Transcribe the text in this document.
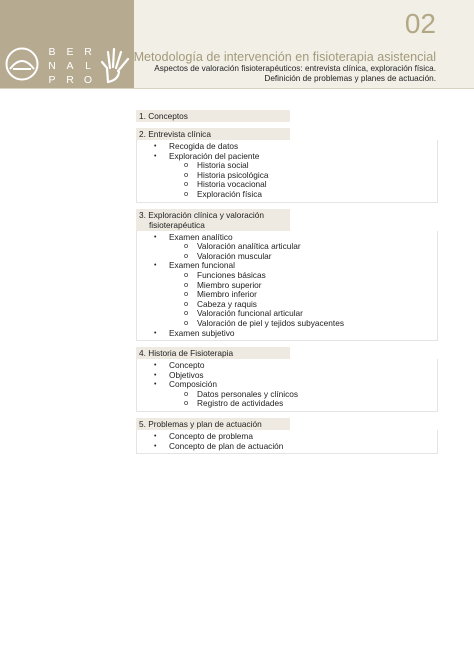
B	E	R
N	A	L
P	R O
02
Metodología de intervención en fisioterapia asistencial
Aspectos de valoración fisioterapéuticos: entrevista clínica, exploración física.
Definición de problemas y planes de actuación.
1. Conceptos
2. Entrevista clínica
•	Recogida de datos
•	Exploración del paciente
o Historia social
o Historia psicológica
o Historia vocacional
o Exploración física
3. Exploración clínica y valoración
fisioterapéutica
•	Examen analítico
o Valoración analítica articular
o Valoración muscular
•	Examen funcional
o Funciones básicas
o Miembro superior
o Miembro inferior
o Cabeza y raquis
o Valoración funcional articular
o Valoración de piel y tejidos subyacentes
•	Examen subjetivo
4. Historia de Fisioterapia
•	Concepto
•	Objetivos
•	Composición
o Datos personales y clínicos
o Registro de actividades
5. Problemas y plan de actuación
•	Concepto de problema
•	Concepto de plan de actuación
